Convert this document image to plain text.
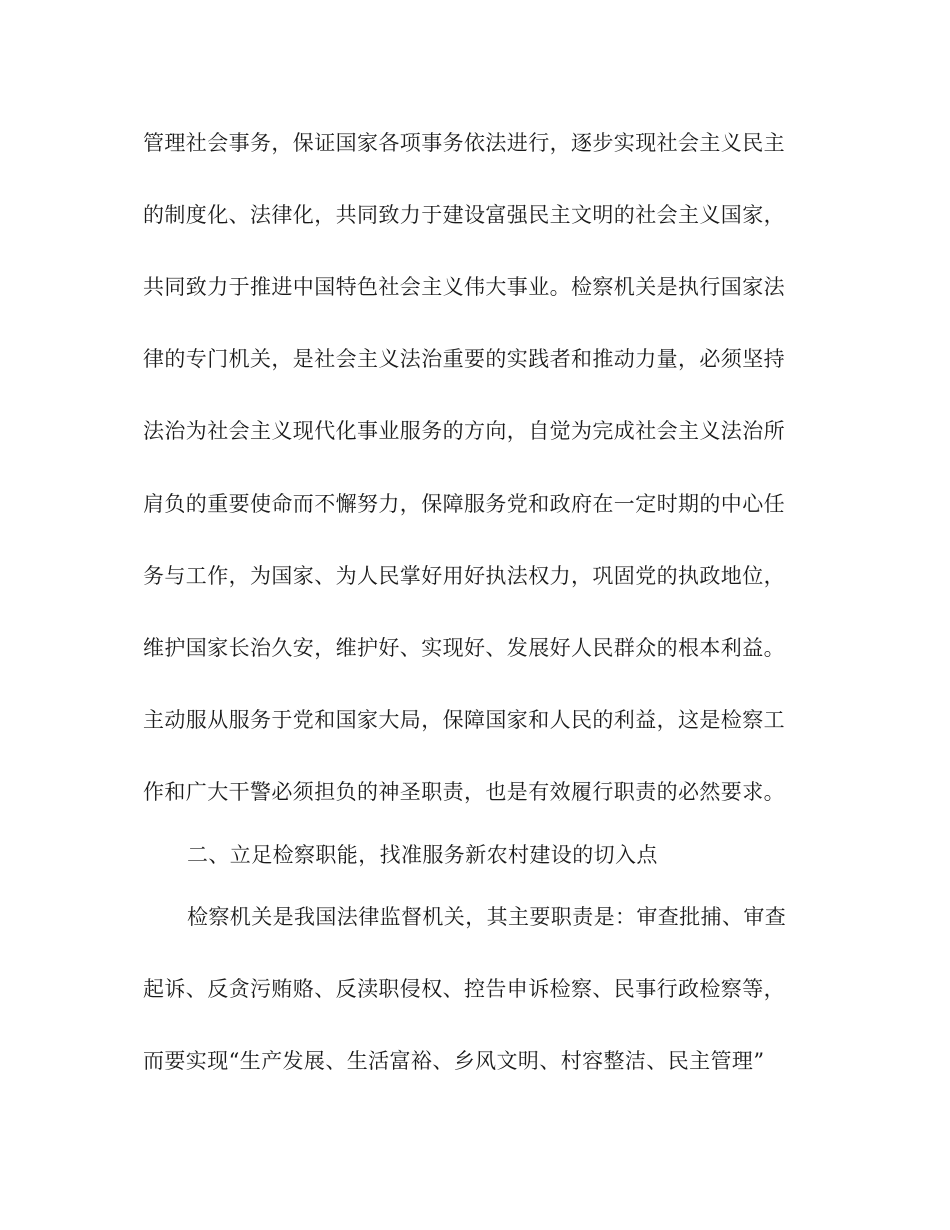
管理社会事务，保证国家各项事务依法进行，逐步实现社会主义民主
的制度化、法律化，共同致力于建设富强民主文明的社会主义国家，
共同致力于推进中国特色社会主义伟大事业。检察机关是执行国家法
律的专门机关，是社会主义法治重要的实践者和推动力量，必须坚持
法治为社会主义现代化事业服务的方向，自觉为完成社会主义法治所
肩负的重要使命而不懈努力，保障服务党和政府在一定时期的中心任
务与工作，为国家、为人民掌好用好执法权力，巩固党的执政地位，
维护国家长治久安，维护好、实现好、发展好人民群众的根本利益。
主动服从服务于党和国家大局，保障国家和人民的利益，这是检察工
作和广大干警必须担负的神圣职责，也是有效履行职责的必然要求。
二、立足检察职能，找准服务新农村建设的切入点
检察机关是我国法律监督机关，其主要职责是：审查批捕、审查
起诉、反贪污贿赂、反渎职侵权、控告申诉检察、民事行政检察等，
而要实现“生产发展、生活富裕、乡风文明、村容整洁、民主管理”
